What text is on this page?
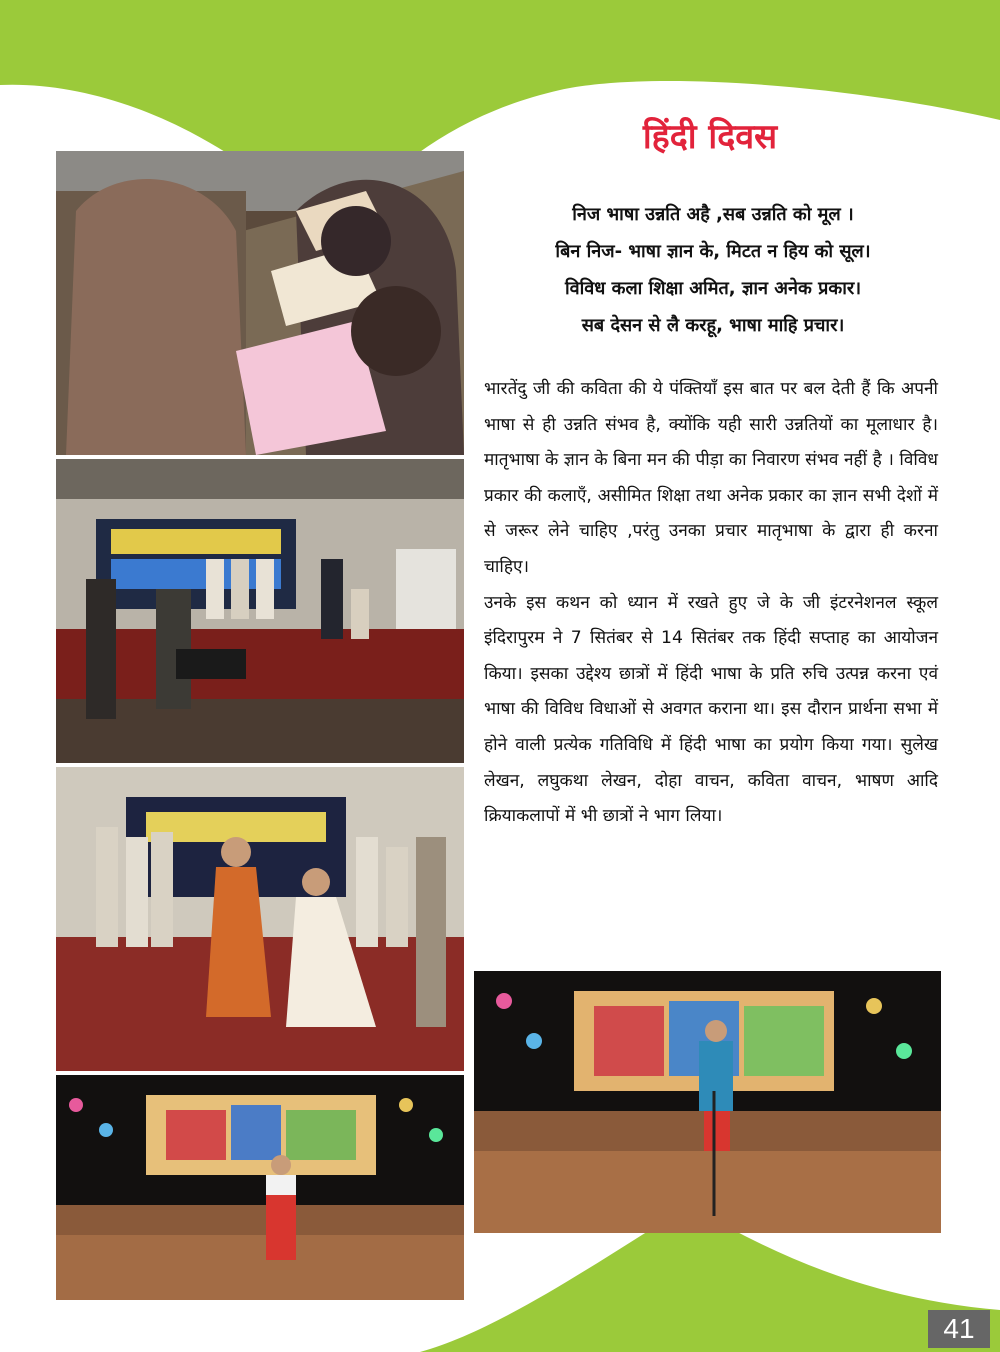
हिंदी दिवस
निज भाषा उन्नति अहै ,सब उन्नति को मूल ।
बिन निज- भाषा ज्ञान के, मिटत न हिय को सूल।
विविध कला शिक्षा अमित, ज्ञान अनेक प्रकार।
सब देसन से लै करहू, भाषा माहि प्रचार।

भारतेंदु जी की कविता की ये पंक्तियाँ इस बात पर बल देती हैं कि अपनी भाषा से ही उन्नति संभव है, क्योंकि यही सारी उन्नतियों का मूलाधार है। मातृभाषा के ज्ञान के बिना मन की पीड़ा का निवारण संभव नहीं है । विविध प्रकार की कलाएँ, असीमित शिक्षा तथा अनेक प्रकार का ज्ञान सभी देशों में से जरूर लेने चाहिए ,परंतु उनका प्रचार मातृभाषा के द्वारा ही करना चाहिए।

उनके इस कथन को ध्यान में रखते हुए जे के जी इंटरनेशनल स्कूल इंदिरापुरम ने 7 सितंबर से 14 सितंबर तक हिंदी सप्ताह का आयोजन किया। इसका उद्देश्य छात्रों में हिंदी भाषा के प्रति रुचि उत्पन्न करना एवं भाषा की विविध विधाओं से अवगत कराना था। इस दौरान प्रार्थना सभा में होने वाली प्रत्येक गतिविधि में हिंदी भाषा का प्रयोग किया गया। सुलेख लेखन, लघुकथा लेखन, दोहा वाचन, कविता वाचन, भाषण आदि क्रियाकलापों में भी छात्रों ने भाग लिया।

41
